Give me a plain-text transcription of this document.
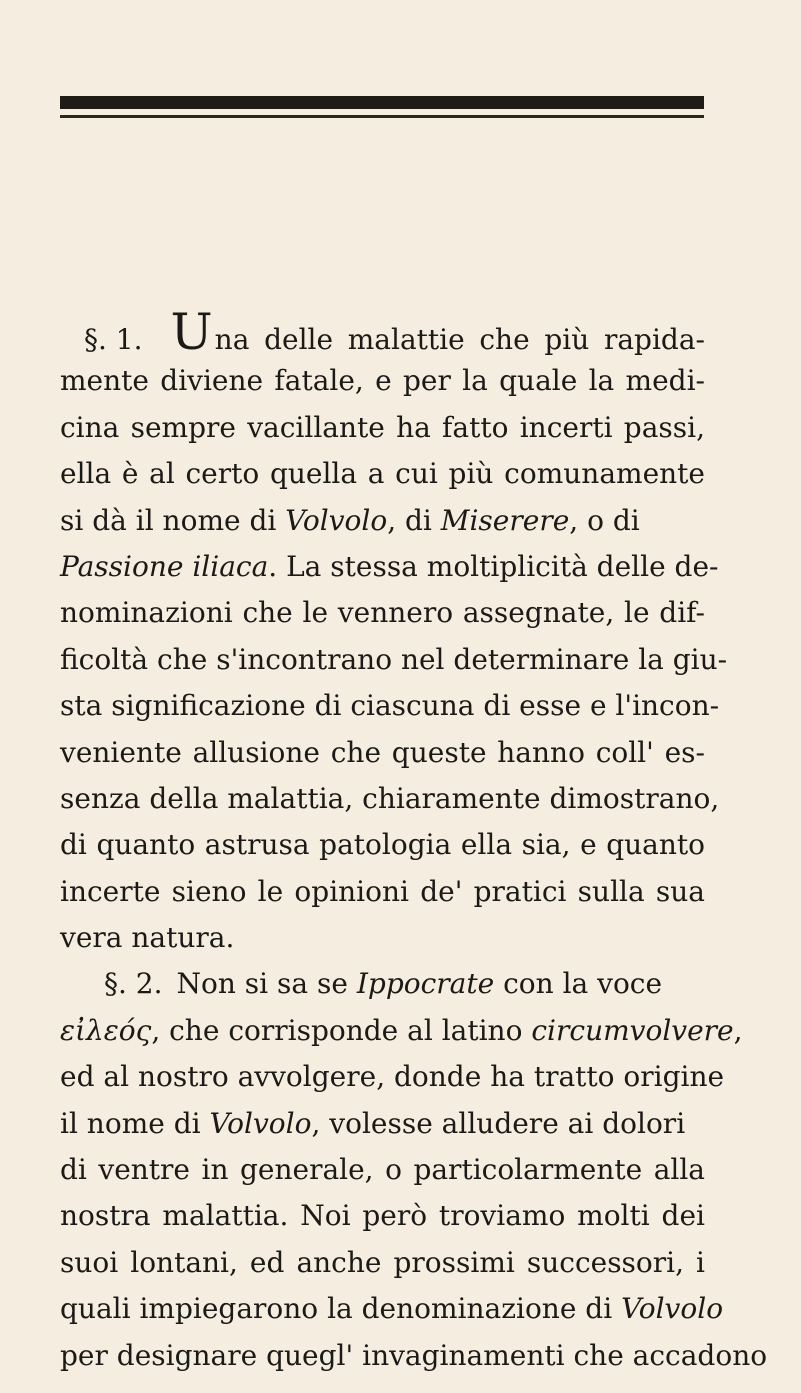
§. 1. U na delle malattie che più rapida-
mente diviene fatale, e per la quale la medi-
cina sempre vacillante ha fatto incerti passi,
ella è al certo quella a cui più comunamente
si dà il nome di Volvolo , di Miserere , o di
Passione iliaca . La stessa moltiplicità delle de-
nominazioni che le vennero assegnate, le dif-
ficoltà che s'incontrano nel determinare la giu-
sta significazione di ciascuna di esse e l'incon-
veniente allusione che queste hanno coll' es-
senza della malattia, chiaramente dimostrano,
di quanto astrusa patologia ella sia, e quanto
incerte sieno le opinioni de' pratici sulla sua
vera natura.
§. 2. Non si sa se Ippocrate con la voce
εἰλεός , che corrisponde al latino circumvolvere ,
ed al nostro avvolgere, donde ha tratto origine
il nome di Volvolo , volesse alludere ai dolori
di ventre in generale, o particolarmente alla
nostra malattia. Noi però troviamo molti dei
suoi lontani, ed anche prossimi successori, i
quali impiegarono la denominazione di Volvolo
per designare quegl' invaginamenti che accadono
